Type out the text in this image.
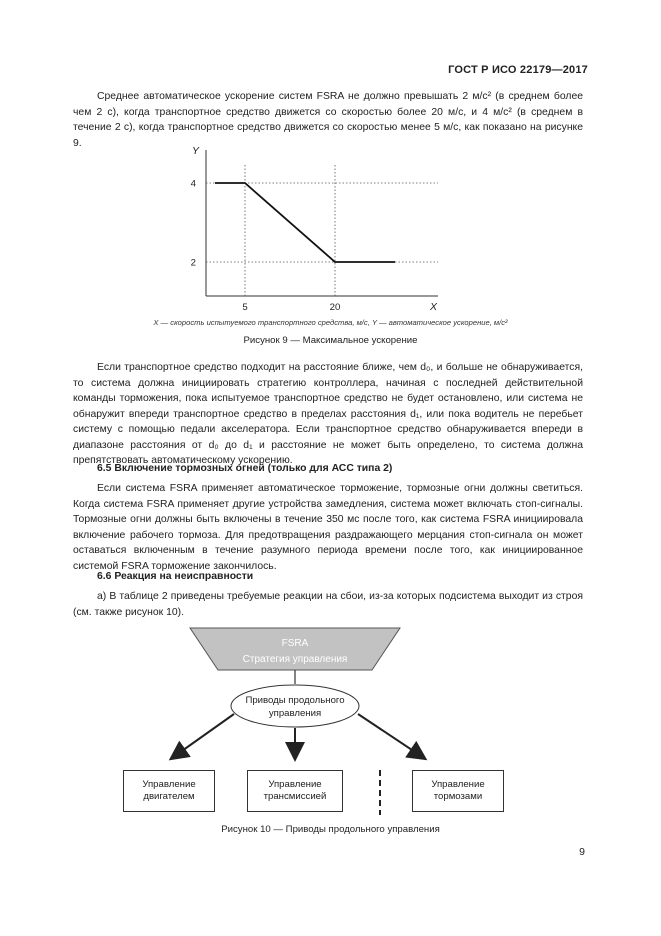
ГОСТ Р ИСО 22179—2017

Среднее автоматическое ускорение систем FSRA не должно превышать 2 м/с² (в среднем более чем 2 с), когда транспортное средство движется со скоростью более 20 м/с, и 4 м/с² (в среднем в течение 2 с), когда транспортное средство движется со скоростью менее 5 м/с, как показано на рисунке 9.

5	20
4
2
X
Y
X — скорость испытуемого транспортного средства, м/с, Y — автоматическое ускорение, м/с²
Рисунок 9 — Максимальное ускорение

Если транспортное средство подходит на расстояние ближе, чем d₀, и больше не обнаруживается, то система должна инициировать стратегию контроллера, начиная с последней действительной команды торможения, пока испытуемое транспортное средство не будет остановлено, или система не обнаружит впереди транспортное средство в пределах расстояния d₁, или пока водитель не перебьет систему с помощью педали акселератора. Если транспортное средство обнаруживается впереди в диапазоне расстояния от d₀ до d₁ и расстояние не может быть определено, то система должна препятствовать автоматическому ускорению.

6.5 Включение тормозных огней (только для АСС типа 2)

Если система FSRA применяет автоматическое торможение, тормозные огни должны светиться. Когда система FSRA применяет другие устройства замедления, система может включать стоп-сигналы. Тормозные огни должны быть включены в течение 350 мс после того, как система FSRA инициировала включение рабочего тормоза. Для предотвращения раздражающего мерцания стоп-сигнала он может оставаться включенным в течение разумного периода времени после того, как инициированное системой FSRA торможение закончилось.

6.6 Реакция на неисправности

а) В таблице 2 приведены требуемые реакции на сбои, из-за которых подсистема выходит из строя (см. также рисунок 10).

FSRA
Стратегия управления
Приводы продольного
управления
Управление
двигателем
Управление
трансмиссией
Управление
тормозами
Рисунок 10 — Приводы продольного управления
9
